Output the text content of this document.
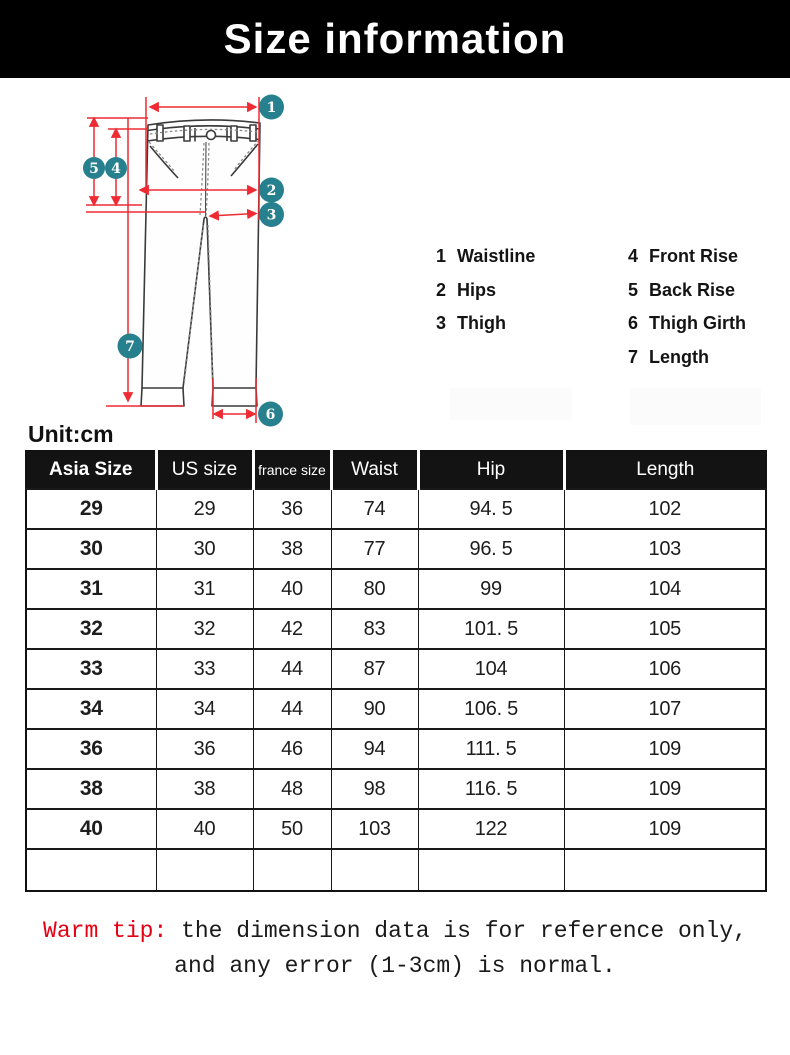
Size information
1
2
3
5 4
7
6
1 Waistline
2 Hips
3 Thigh
4 Front Rise
5 Back Rise
6 Thigh Girth
7 Length
Unit:cm
Asia Size	US size	france size	Waist	Hip	Length
29	29	36	74	94. 5	102
30	30	38	77	96. 5	103
31	31	40	80	99	104
32	32	42	83	101. 5	105
33	33	44	87	104	106
34	34	44	90	106. 5	107
36	36	46	94	111. 5	109
38	38	48	98	116. 5	109
40	40	50	103	122	109

Warm tip: the dimension data is for reference only,
and any error (1-3cm) is normal.
